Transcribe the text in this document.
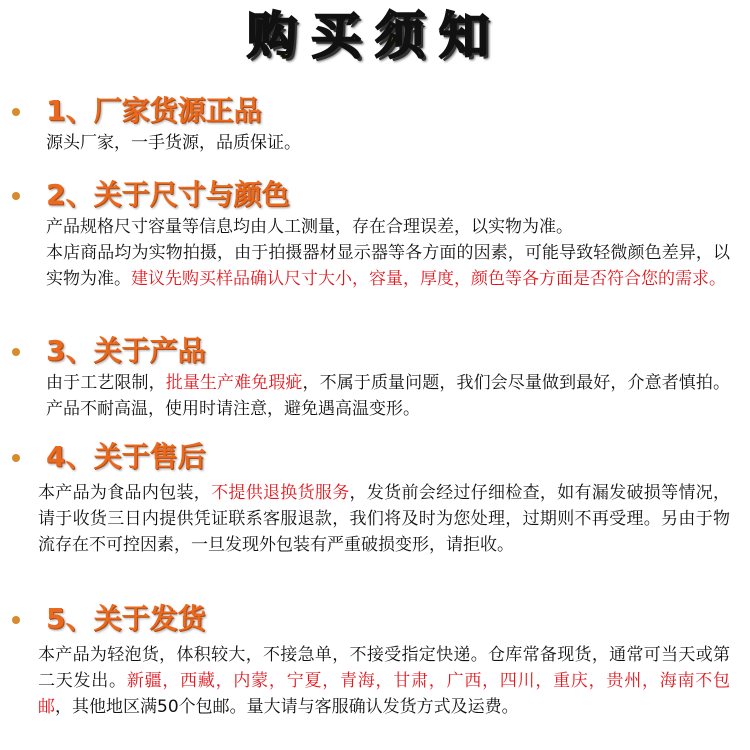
购买须知
1、厂家货源正品
源头厂家，一手货源，品质保证。
2、关于尺寸与颜色
产品规格尺寸容量等信息均由人工测量，存在合理误差，以实物为准。
本店商品均为实物拍摄，由于拍摄器材显示器等各方面的因素，可能导致轻微颜色差异，以实物为准。建议先购买样品确认尺寸大小，容量，厚度，颜色等各方面是否符合您的需求。
3、关于产品
由于工艺限制，批量生产难免瑕疵，不属于质量问题，我们会尽量做到最好，介意者慎拍。产品不耐高温，使用时请注意，避免遇高温变形。
4、关于售后
本产品为食品内包装，不提供退换货服务，发货前会经过仔细检查，如有漏发破损等情况，请于收货三日内提供凭证联系客服退款，我们将及时为您处理，过期则不再受理。另由于物流存在不可控因素，一旦发现外包装有严重破损变形，请拒收。
5、关于发货
本产品为轻泡货，体积较大，不接急单，不接受指定快递。仓库常备现货，通常可当天或第二天发出。新疆，西藏，内蒙，宁夏，青海，甘肃，广西，四川，重庆，贵州，海南不包邮，其他地区满50个包邮。量大请与客服确认发货方式及运费。
